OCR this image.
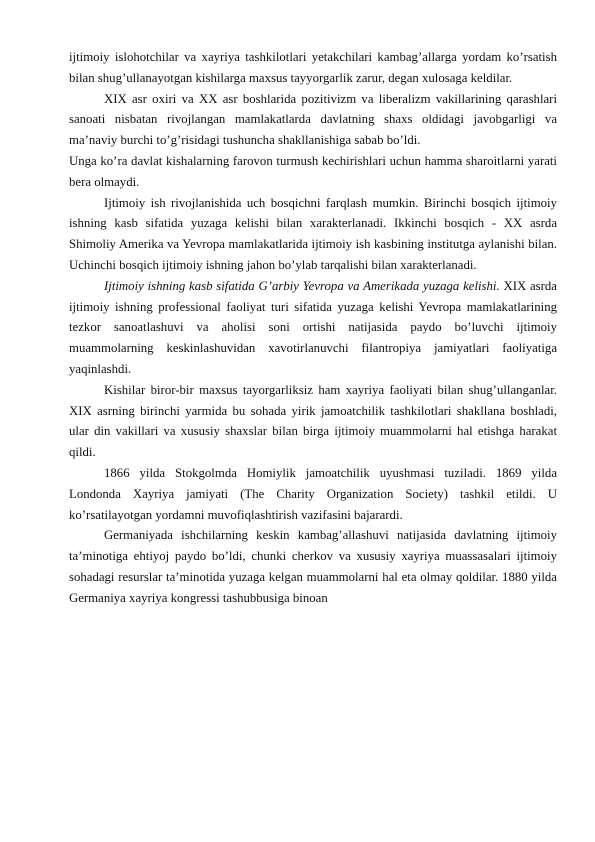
ijtimoiy islohotchilar va xayriya tashkilotlari yetakchilari kambag’allarga yordam ko’rsatish bilan shug’ullanayotgan kishilarga maxsus tayyorgarlik zarur, degan xulosaga keldilar.

XIX asr oxiri va XX asr boshlarida pozitivizm va liberalizm vakillarining qarashlari sanoati nisbatan rivojlangan mamlakatlarda davlatning shaxs oldidagi javobgarligi va ma’naviy burchi to’g’risidagi tushuncha shakllanishiga sabab bo’ldi.

Unga ko’ra davlat kishalarning farovon turmush kechirishlari uchun hamma sharoitlarni yarati bera olmaydi.

Ijtimoiy ish rivojlanishida uch bosqichni farqlash mumkin. Birinchi bosqich ijtimoiy ishning kasb sifatida yuzaga kelishi bilan xarakterlanadi. Ikkinchi bosqich - XX asrda Shimoliy Amerika va Yevropa mamlakatlarida ijtimoiy ish kasbining institutga aylanishi bilan. Uchinchi bosqich ijtimoiy ishning jahon bo’ylab tarqalishi bilan xarakterlanadi.

Ijtimoiy ishning kasb sifatida G’arbiy Yevropa va Amerikada yuzaga kelishi. XIX asrda ijtimoiy ishning professional faoliyat turi sifatida yuzaga kelishi Yevropa mamlakatlarining tezkor sanoatlashuvi va aholisi soni ortishi natijasida paydo bo’luvchi ijtimoiy muammolarning keskinlashuvidan xavotirlanuvchi filantropiya jamiyatlari faoliyatiga yaqinlashdi.

Kishilar biror-bir maxsus tayorgarliksiz ham xayriya faoliyati bilan shug’ullanganlar. XIX asrning birinchi yarmida bu sohada yirik jamoatchilik tashkilotlari shakllana boshladi, ular din vakillari va xususiy shaxslar bilan birga ijtimoiy muammolarni hal etishga harakat qildi.

1866 yilda Stokgolmda Homiylik jamoatchilik uyushmasi tuziladi. 1869 yilda Londonda Xayriya jamiyati (The Charity Organization Society) tashkil etildi. U ko’rsatilayotgan yordamni muvofiqlashtirish vazifasini bajarardi.

Germaniyada ishchilarning keskin kambag’allashuvi natijasida davlatning ijtimoiy ta’minotiga ehtiyoj paydo bo’ldi, chunki cherkov va xususiy xayriya muassasalari ijtimoiy sohadagi resurslar ta’minotida yuzaga kelgan muammolarni hal eta olmay qoldilar. 1880 yilda Germaniya xayriya kongressi tashubbusiga binoan
